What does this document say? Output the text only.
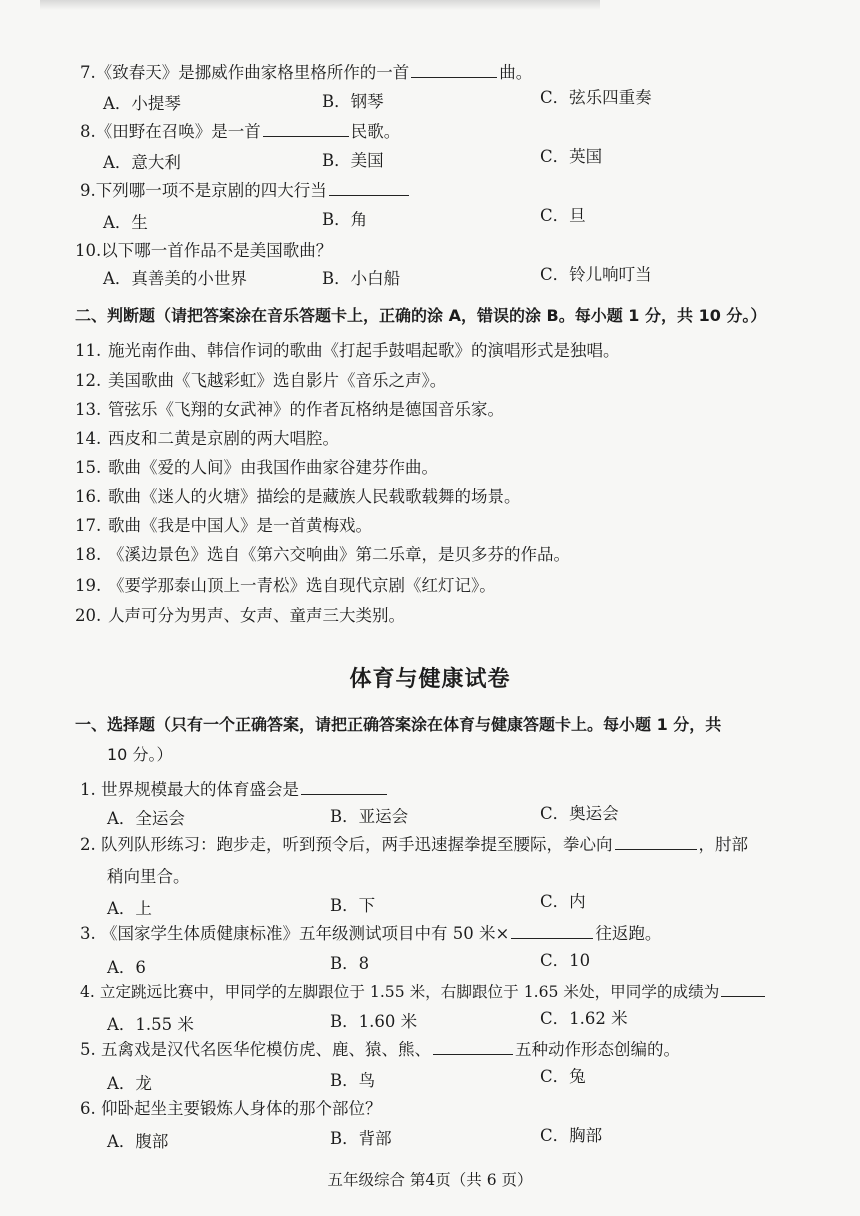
7.《致春天》是挪威作曲家格里格所作的一首	曲。
A．小提琴	B．钢琴	C．弦乐四重奏
8.《田野在召唤》是一首	民歌。
A．意大利	B．美国	C．英国
9.下列哪一项不是京剧的四大行当
A．生	B．角	C．旦
10.以下哪一首作品不是美国歌曲？
A．真善美的小世界	B．小白船	C．铃儿响叮当
二、判断题（请把答案涂在音乐答题卡上，正确的涂 A，错误的涂 B。每小题 1 分，共 10 分。）
11. 施光南作曲、韩信作词的歌曲《打起手鼓唱起歌》的演唱形式是独唱。
12. 美国歌曲《飞越彩虹》选自影片《音乐之声》。
13. 管弦乐《飞翔的女武神》的作者瓦格纳是德国音乐家。
14. 西皮和二黄是京剧的两大唱腔。
15. 歌曲《爱的人间》由我国作曲家谷建芬作曲。
16. 歌曲《迷人的火塘》描绘的是藏族人民载歌载舞的场景。
17. 歌曲《我是中国人》是一首黄梅戏。
18. 《溪边景色》选自《第六交响曲》第二乐章，是贝多芬的作品。
19. 《要学那泰山顶上一青松》选自现代京剧《红灯记》。
20. 人声可分为男声、女声、童声三大类别。
体育与健康试卷
一、选择题（只有一个正确答案，请把正确答案涂在体育与健康答题卡上。每小题 1 分，共
10 分。）
1. 世界规模最大的体育盛会是
A．全运会	B．亚运会	C．奥运会
2. 队列队形练习：跑步走，听到预令后，两手迅速握拳提至腰际，拳心向	，肘部
稍向里合。
A．上	B．下	C．内
3. 《国家学生体质健康标准》五年级测试项目中有 50 米×	往返跑。
A．6	B．8	C．10
4. 立定跳远比赛中，甲同学的左脚跟位于 1.55 米，右脚跟位于 1.65 米处，甲同学的成绩为
A．1.55 米	B．1.60 米	C．1.62 米
5. 五禽戏是汉代名医华佗模仿虎、鹿、猿、熊、	五种动作形态创编的。
A．龙	B．鸟	C．兔
6. 仰卧起坐主要锻炼人身体的那个部位？
A．腹部	B．背部	C．胸部
五年级综合 第4页（共 6 页）
